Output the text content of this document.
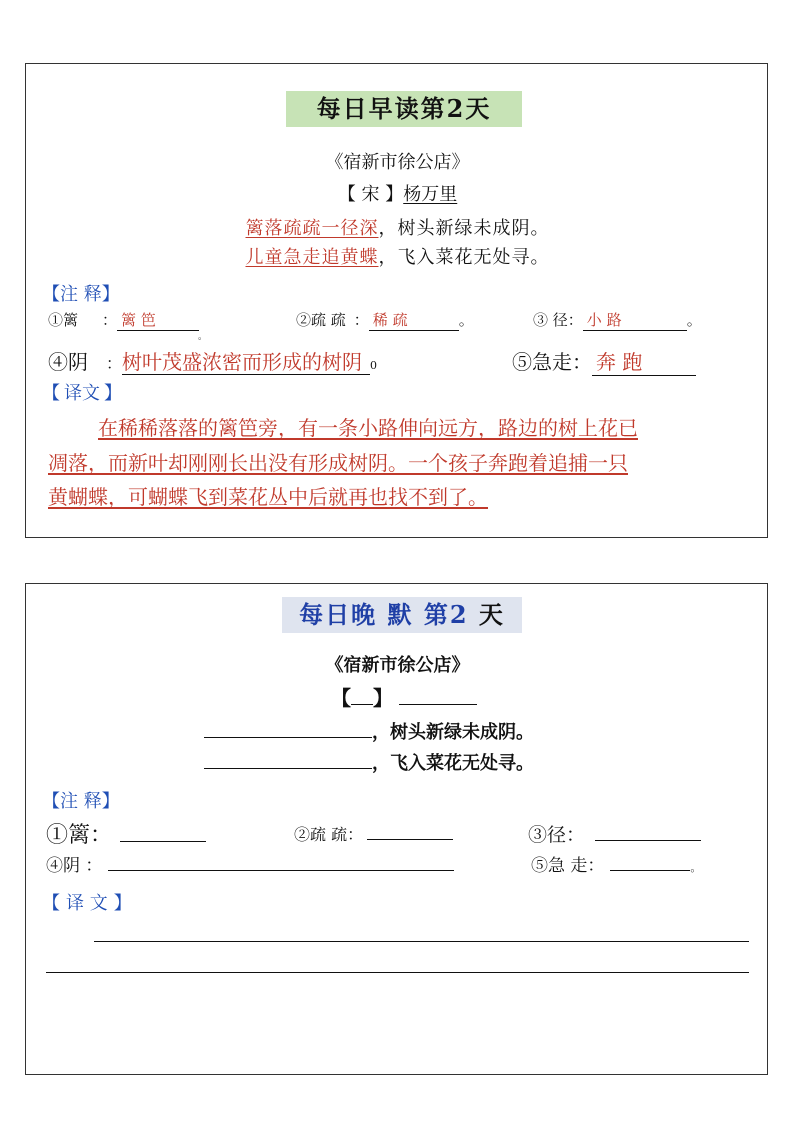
每日早读第2天
《宿新市徐公店》
【 宋 】杨万里
篱落疏疏一径深，树头新绿未成阴。
儿童急走追黄蝶，飞入菜花无处寻。
【注 释】
①篱 ： 篱 笆
。
②疏 疏 ： 稀 疏	。	③ 径： 小 路	。
④阴 ：树叶茂盛浓密而形成的树阴 0	⑤急走： 奔 跑
【 译文 】
在稀稀落落的篱笆旁，有一条小路伸向远方，路边的树上花已
凋落，而新叶却刚刚长出没有形成树阴。一个孩子奔跑着追捕一只
黄蝴蝶，可蝴蝶飞到菜花丛中后就再也找不到了。
每日晚 默 第2 天
《宿新市徐公店》
【 】
，树头新绿未成阴。
，飞入菜花无处寻。
【注 释】
①篱：	②疏 疏：	③径：
④阴 ：	⑤急 走：	。
【 译 文 】
